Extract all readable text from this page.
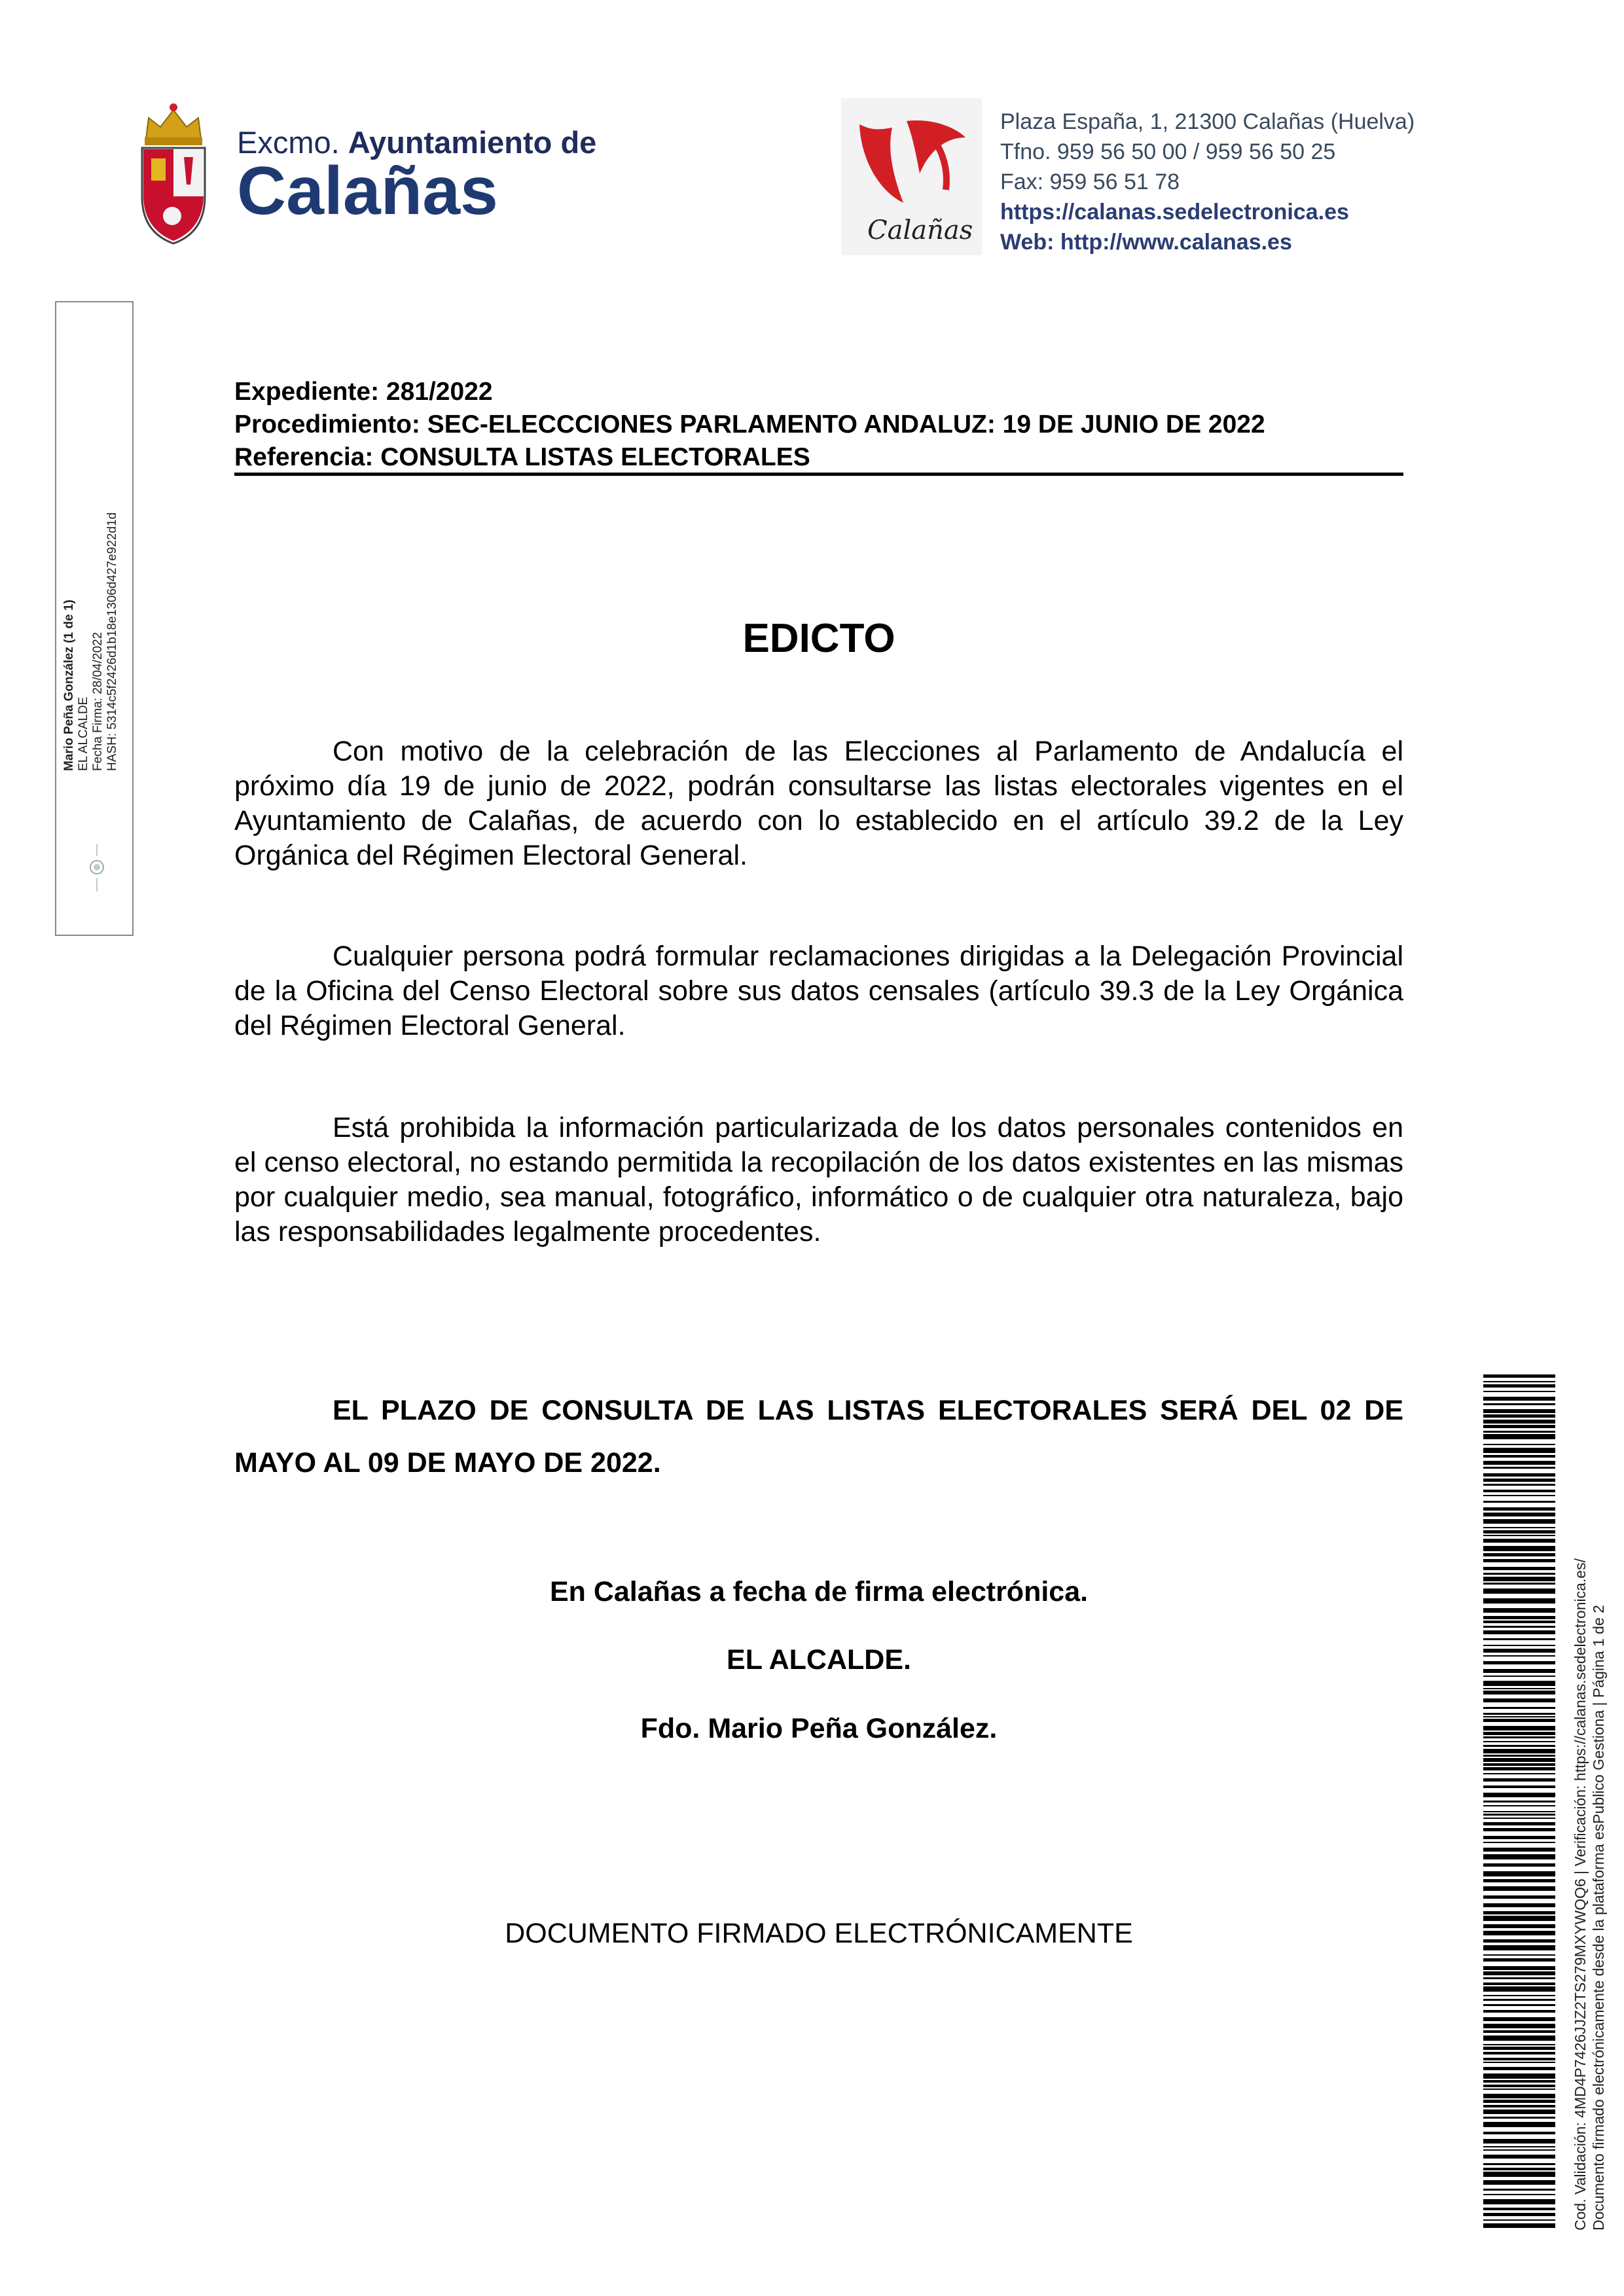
Excmo. Ayuntamiento de
Calañas
Calañas
Plaza España, 1, 21300 Calañas (Huelva)
Tfno. 959 56 50 00 / 959 56 50 25
Fax: 959 56 51 78
https://calanas.sedelectronica.es
Web: http://www.calanas.es
Mario Peña González (1 de 1) EL ALCALDE Fecha Firma: 28/04/2022 HASH: 5314c5f2426d1b18e1306d427e922d1d
Cod. Validación: 4MD4P7426JJZ2TS279MXYWQQ6 | Verificación: https://calanas.sedelectronica.es/ Documento firmado electrónicamente desde la plataforma esPublico Gestiona | Página 1 de 2
Expediente: 281/2022
Procedimiento: SEC-ELECCCIONES PARLAMENTO ANDALUZ: 19 DE JUNIO DE 2022
Referencia: CONSULTA LISTAS ELECTORALES
EDICTO
Con motivo de la celebración de las Elecciones al Parlamento de Andalucía el próximo día 19 de junio de 2022, podrán consultarse las listas electorales vigentes en el Ayuntamiento de Calañas, de acuerdo con lo establecido en el artículo 39.2 de la Ley Orgánica del Régimen Electoral General.
Cualquier persona podrá formular reclamaciones dirigidas a la Delegación Provincial de la Oficina del Censo Electoral sobre sus datos censales (artículo 39.3 de la Ley Orgánica del Régimen Electoral General.
Está prohibida la información particularizada de los datos personales contenidos en el censo electoral, no estando permitida la recopilación de los datos existentes en las mismas por cualquier medio, sea manual, fotográfico, informático o de cualquier otra naturaleza, bajo las responsabilidades legalmente procedentes.
EL PLAZO DE CONSULTA DE LAS LISTAS ELECTORALES SERÁ DEL 02 DE MAYO AL 09 DE MAYO DE 2022.
En Calañas a fecha de firma electrónica.
EL ALCALDE.
Fdo. Mario Peña González.
DOCUMENTO FIRMADO ELECTRÓNICAMENTE
